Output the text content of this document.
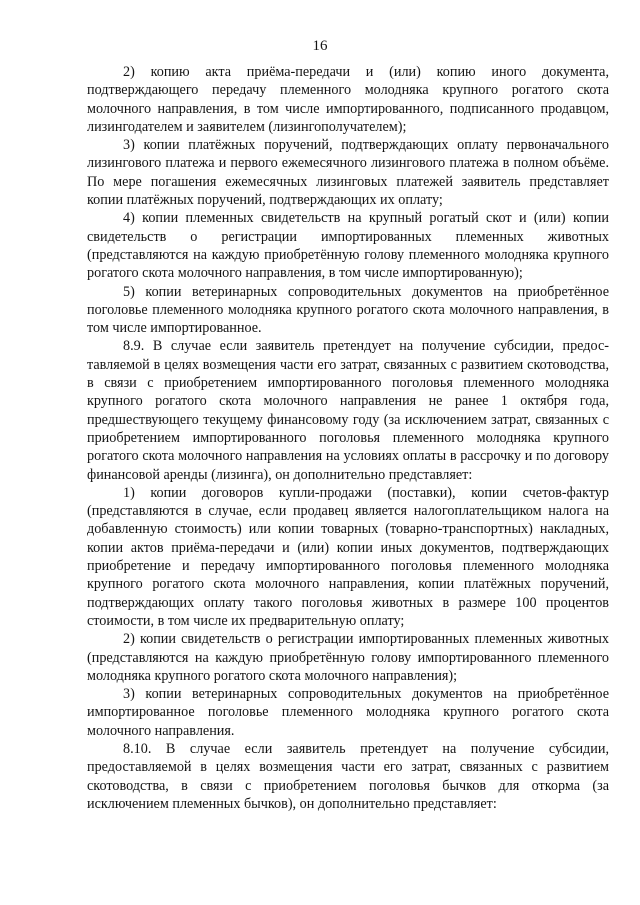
16

2) копию акта приёма-передачи и (или) копию иного документа, подтверждающего передачу племенного молодняка крупного рогатого скота молочного направления, в том числе импортированного, подписанного продавцом, лизингодателем и заявителем (лизингополучателем);

3) копии платёжных поручений, подтверждающих оплату первоначального лизингового платежа и первого ежемесячного лизингового платежа в полном объёме. По мере погашения ежемесячных лизинговых платежей заявитель представляет копии платёжных поручений, подтверждающих их оплату;

4) копии племенных свидетельств на крупный рогатый скот и (или) копии свидетельств о регистрации импортированных племенных животных (представляются на каждую приобретённую голову племенного молодняка крупного рогатого скота молочного направления, в том числе импортированную);

5) копии ветеринарных сопроводительных документов на приобретённое поголовье племенного молодняка крупного рогатого скота молочного направления, в том числе импортированное.

8.9. В случае если заявитель претендует на получение субсидии, предоставляемой в целях возмещения части его затрат, связанных с развитием скотоводства, в связи с приобретением импортированного поголовья племенного молодняка крупного рогатого скота молочного направления не ранее 1 октября года, предшествующего текущему финансовому году (за исключением затрат, связанных с приобретением импортированного поголовья племенного молодняка крупного рогатого скота молочного направления на условиях оплаты в рассрочку и по договору финансовой аренды (лизинга), он дополнительно представляет:

1) копии договоров купли-продажи (поставки), копии счетов-фактур (представляются в случае, если продавец является налогоплательщиком налога на добавленную стоимость) или копии товарных (товарно-транспортных) накладных, копии актов приёма-передачи и (или) копии иных документов, подтверждающих приобретение и передачу импортированного поголовья племенного молодняка крупного рогатого скота молочного направления, копии платёжных поручений, подтверждающих оплату такого поголовья животных в размере 100 процентов стоимости, в том числе их предварительную оплату;

2) копии свидетельств о регистрации импортированных племенных животных (представляются на каждую приобретённую голову импортированного племенного молодняка крупного рогатого скота молочного направления);

3) копии ветеринарных сопроводительных документов на приобретённое импортированное поголовье племенного молодняка крупного рогатого скота молочного направления.

8.10. В случае если заявитель претендует на получение субсидии, предоставляемой в целях возмещения части его затрат, связанных с развитием скотоводства, в связи с приобретением поголовья бычков для откорма (за исключением племенных бычков), он дополнительно представляет:
